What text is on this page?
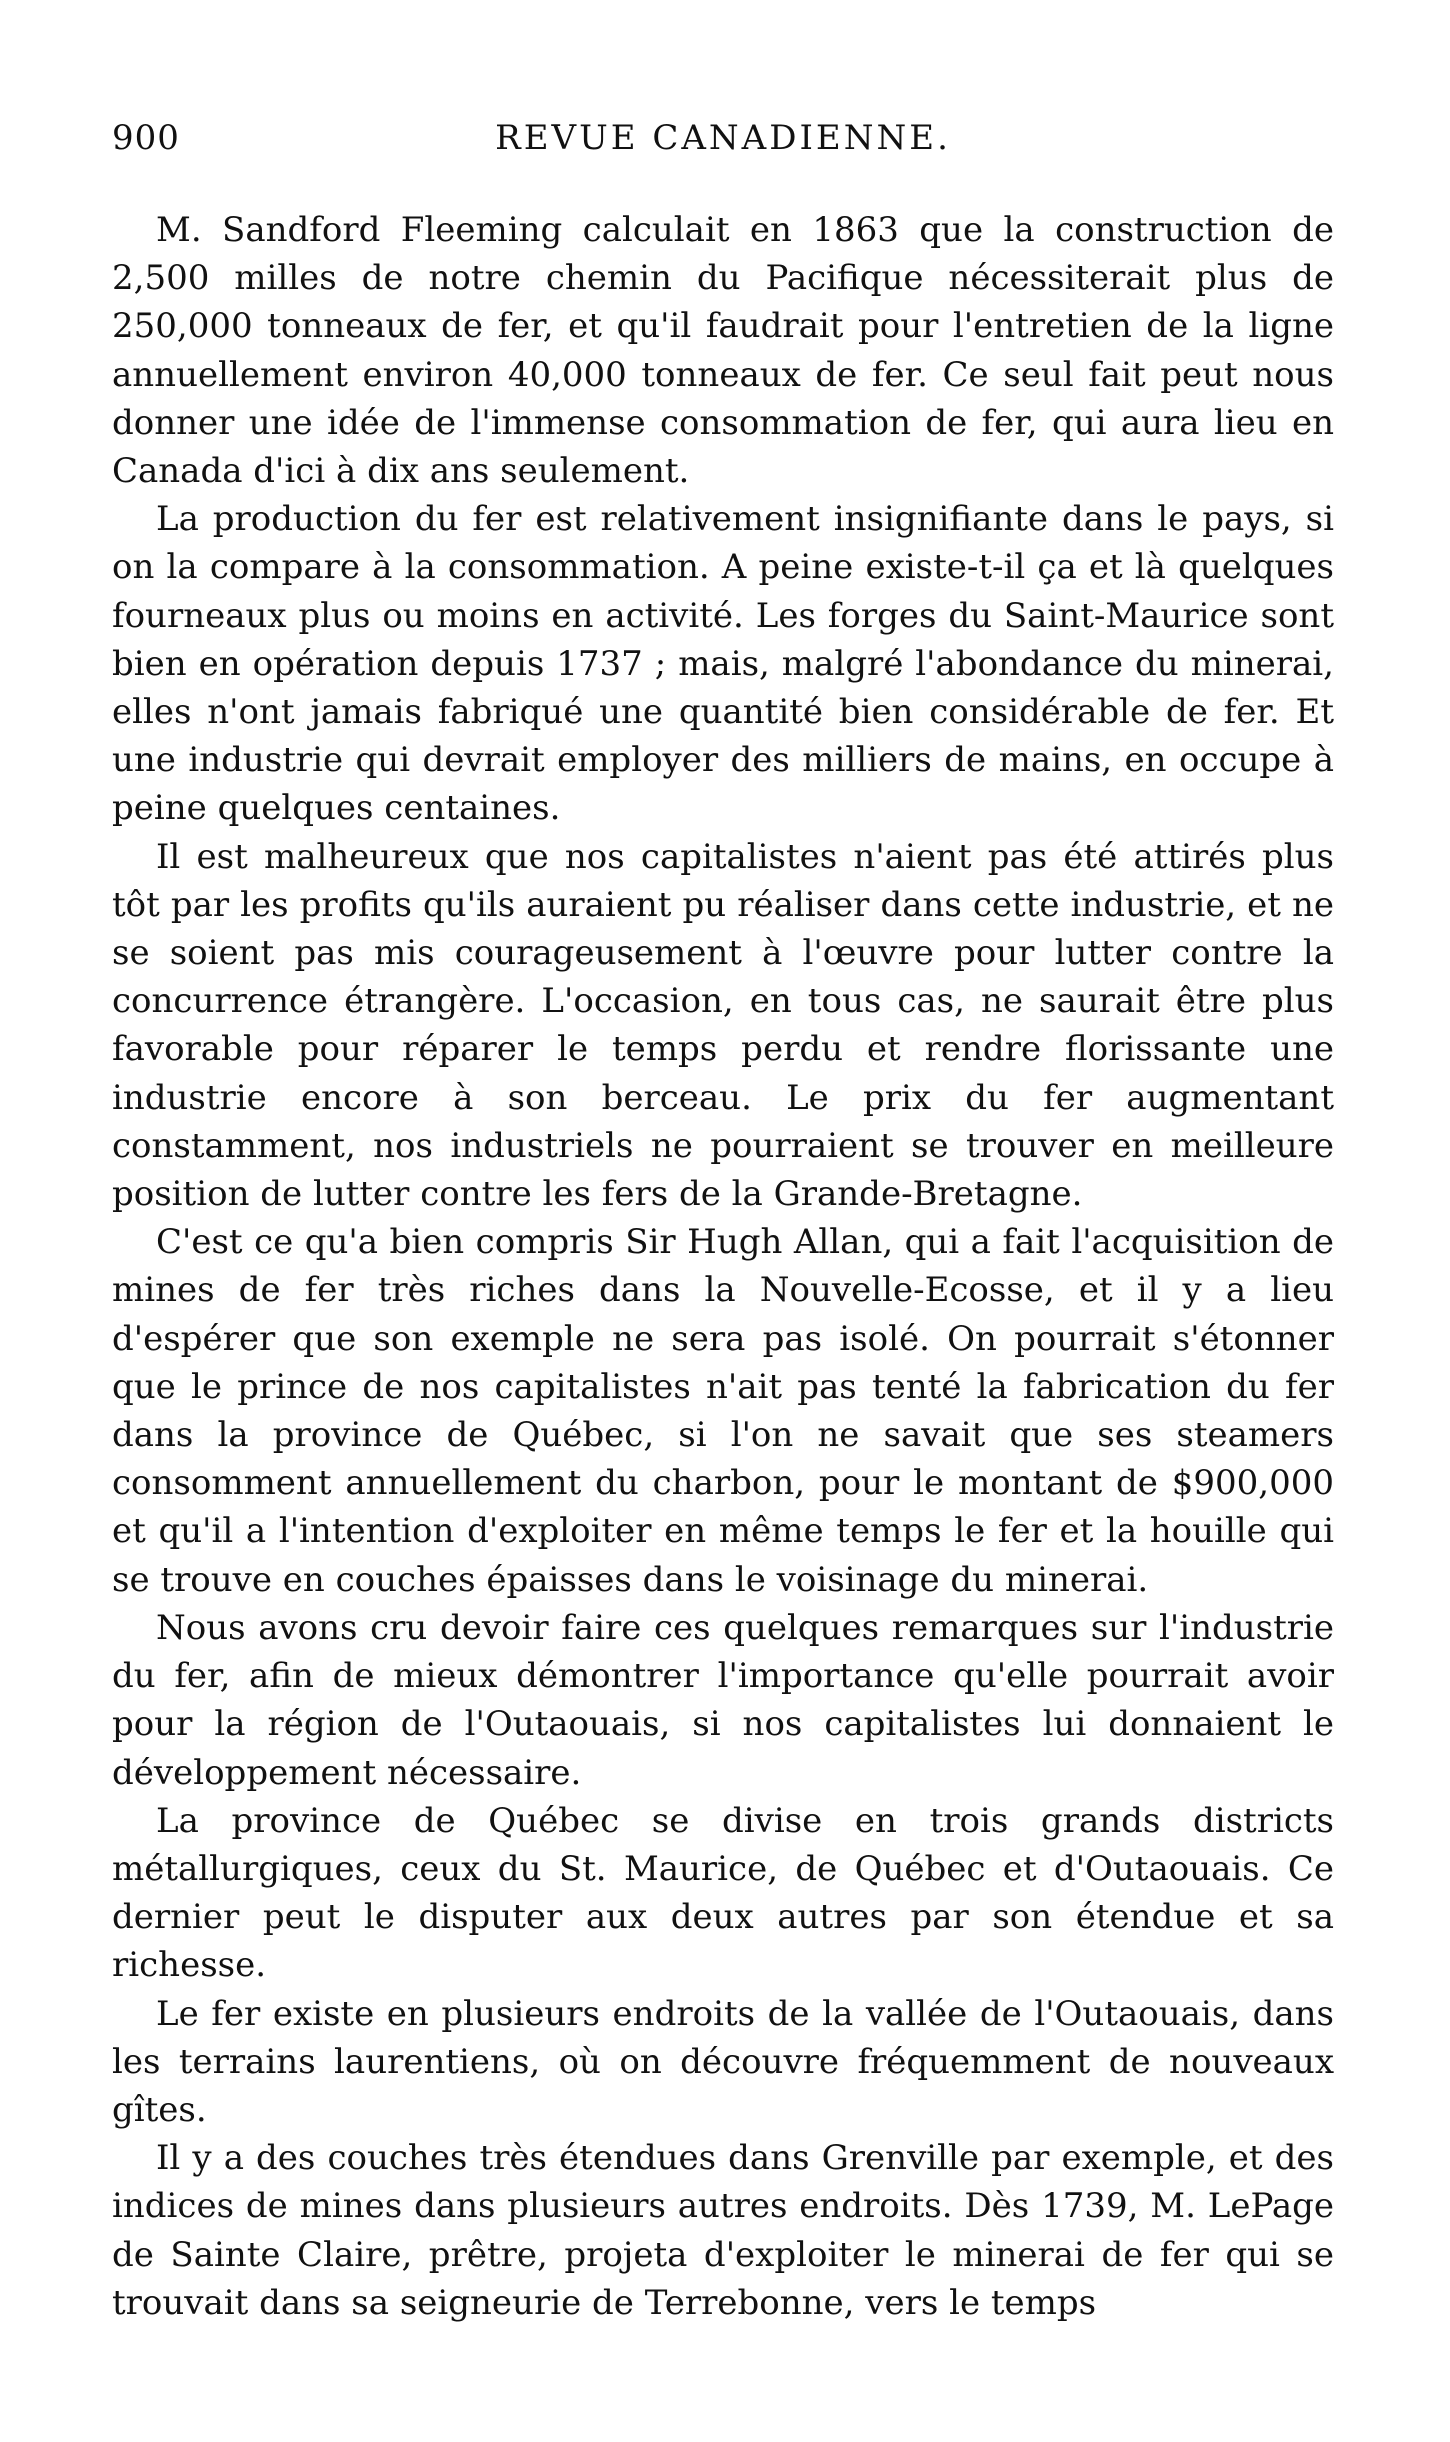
900	REVUE CANADIENNE.

M. Sandford Fleeming calculait en 1863 que la construction de 2,500 milles de notre chemin du Pacifique nécessiterait plus de 250,000 tonneaux de fer, et qu'il faudrait pour l'entretien de la ligne annuellement environ 40,000 tonneaux de fer. Ce seul fait peut nous donner une idée de l'immense consommation de fer, qui aura lieu en Canada d'ici à dix ans seulement.

La production du fer est relativement insignifiante dans le pays, si on la compare à la consommation. A peine existe-t-il ça et là quelques fourneaux plus ou moins en activité. Les forges du Saint-Maurice sont bien en opération depuis 1737 ; mais, malgré l'abondance du minerai, elles n'ont jamais fabriqué une quantité bien considérable de fer. Et une industrie qui devrait employer des milliers de mains, en occupe à peine quelques centaines.

Il est malheureux que nos capitalistes n'aient pas été attirés plus tôt par les profits qu'ils auraient pu réaliser dans cette industrie, et ne se soient pas mis courageusement à l'œuvre pour lutter contre la concurrence étrangère. L'occasion, en tous cas, ne saurait être plus favorable pour réparer le temps perdu et rendre florissante une industrie encore à son berceau. Le prix du fer augmentant constamment, nos industriels ne pourraient se trouver en meilleure position de lutter contre les fers de la Grande-Bretagne.

C'est ce qu'a bien compris Sir Hugh Allan, qui a fait l'acquisition de mines de fer très riches dans la Nouvelle-Ecosse, et il y a lieu d'espérer que son exemple ne sera pas isolé. On pourrait s'étonner que le prince de nos capitalistes n'ait pas tenté la fabrication du fer dans la province de Québec, si l'on ne savait que ses steamers consomment annuellement du charbon, pour le montant de $900,000 et qu'il a l'intention d'exploiter en même temps le fer et la houille qui se trouve en couches épaisses dans le voisinage du minerai.

Nous avons cru devoir faire ces quelques remarques sur l'industrie du fer, afin de mieux démontrer l'importance qu'elle pourrait avoir pour la région de l'Outaouais, si nos capitalistes lui donnaient le développement nécessaire.

La province de Québec se divise en trois grands districts métallurgiques, ceux du St. Maurice, de Québec et d'Outaouais. Ce dernier peut le disputer aux deux autres par son étendue et sa richesse.

Le fer existe en plusieurs endroits de la vallée de l'Outaouais, dans les terrains laurentiens, où on découvre fréquemment de nouveaux gîtes.

Il y a des couches très étendues dans Grenville par exemple, et des indices de mines dans plusieurs autres endroits. Dès 1739, M. LePage de Sainte Claire, prêtre, projeta d'exploiter le minerai de fer qui se trouvait dans sa seigneurie de Terrebonne, vers le temps
